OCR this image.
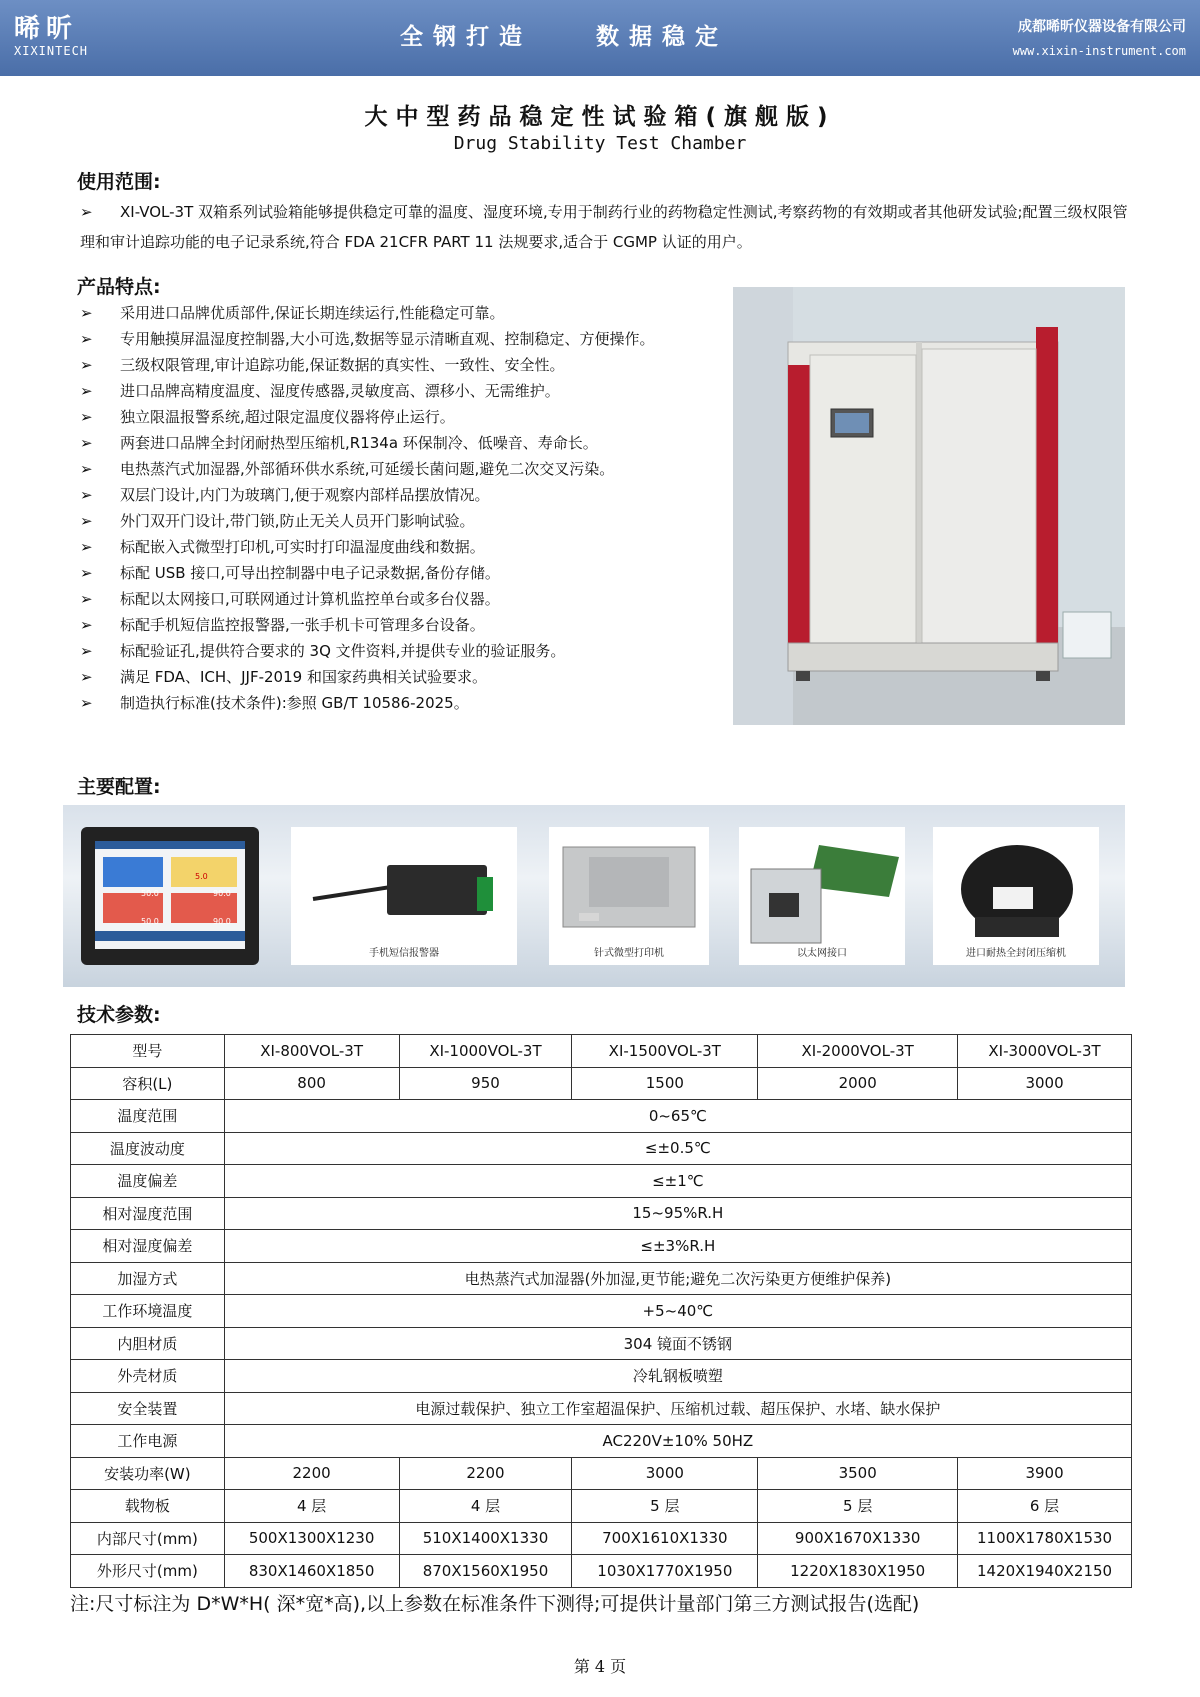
晞昕
XIXINTECH
全钢打造	数据稳定	成都晞昕仪器设备有限公司
www.xixin-instrument.com
大中型药品稳定性试验箱(旗舰版)
Drug Stability Test Chamber
使用范围:
➢ XI-VOL-3T 双箱系列试验箱能够提供稳定可靠的温度、湿度环境,专用于制药行业的药物稳定性测试,考察药物的有效期或者其他研发试验;配置三级权限管理和审计追踪功能的电子记录系统,符合 FDA 21CFR PART 11 法规要求,适合于 CGMP 认证的用户。
产品特点:
➢	采用进口品牌优质部件,保证长期连续运行,性能稳定可靠。
➢	专用触摸屏温湿度控制器,大小可选,数据等显示清晰直观、控制稳定、方便操作。
➢	三级权限管理,审计追踪功能,保证数据的真实性、一致性、安全性。
➢	进口品牌高精度温度、湿度传感器,灵敏度高、漂移小、无需维护。
➢	独立限温报警系统,超过限定温度仪器将停止运行。
➢	两套进口品牌全封闭耐热型压缩机,R134a 环保制冷、低噪音、寿命长。
➢	电热蒸汽式加湿器,外部循环供水系统,可延缓长菌问题,避免二次交叉污染。
➢	双层门设计,内门为玻璃门,便于观察内部样品摆放情况。
➢	外门双开门设计,带门锁,防止无关人员开门影响试验。
➢	标配嵌入式微型打印机,可实时打印温湿度曲线和数据。
➢	标配 USB 接口,可导出控制器中电子记录数据,备份存储。
➢	标配以太网接口,可联网通过计算机监控单台或多台仪器。
➢	标配手机短信监控报警器,一张手机卡可管理多台设备。
➢	标配验证孔,提供符合要求的 3Q 文件资料,并提供专业的验证服务。
➢	满足 FDA、ICH、JJF-2019 和国家药典相关试验要求。
➢	制造执行标准(技术条件):参照 GB/T 10586-2025。
主要配置:
5.0
50.0	90.0
50.0	90.0
手机短信报警器	针式微型打印机	以太网接口	进口耐热全封闭压缩机
技术参数:
型号	XI-800VOL-3T	XI-1000VOL-3T	XI-1500VOL-3T	XI-2000VOL-3T	XI-3000VOL-3T
容积(L)	800	950	1500	2000	3000
温度范围	0~65℃				
温度波动度	≤±0.5℃				
温度偏差	≤±1℃				
相对湿度范围	15~95%R.H				
相对湿度偏差	≤±3%R.H				
加湿方式	电热蒸汽式加湿器(外加湿,更节能;避免二次污染更方便维护保养)				
工作环境温度	+5~40℃				
内胆材质	304 镜面不锈钢				
外壳材质	冷轧钢板喷塑				
安全装置	电源过载保护、独立工作室超温保护、压缩机过载、超压保护、水堵、缺水保护				
工作电源	AC220V±10% 50HZ				
安装功率(W)	2200	2200	3000	3500	3900
载物板	4 层	4 层	5 层	5 层	6 层
内部尺寸(mm)	500X1300X1230	510X1400X1330	700X1610X1330	900X1670X1330	1100X1780X1530
外形尺寸(mm)	830X1460X1850	870X1560X1950	1030X1770X1950	1220X1830X1950	1420X1940X2150
注:尺寸标注为 D*W*H( 深*宽*高),以上参数在标准条件下测得;可提供计量部门第三方测试报告(选配)
第 4 页
